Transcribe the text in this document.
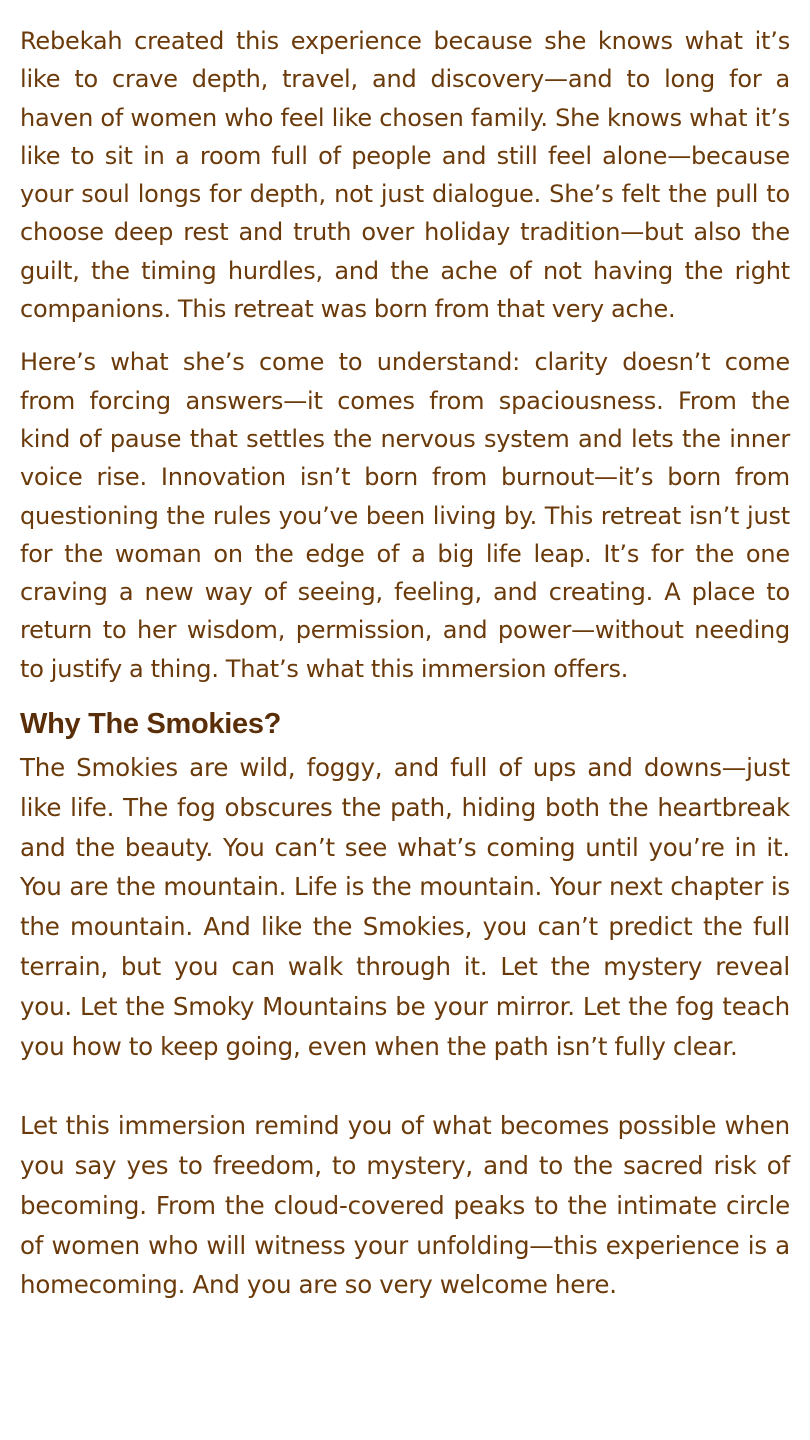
Rebekah created this experience because she knows what it’s like to crave depth, travel, and discovery—and to long for a haven of women who feel like chosen family. She knows what it’s like to sit in a room full of people and still feel alone—because your soul longs for depth, not just dialogue. She’s felt the pull to choose deep rest and truth over holiday tradition—but also the guilt, the timing hurdles, and the ache of not having the right companions. This retreat was born from that very ache.

Here’s what she’s come to understand: clarity doesn’t come from forcing answers—it comes from spaciousness. From the kind of pause that settles the nervous system and lets the inner voice rise. Innovation isn’t born from burnout—it’s born from questioning the rules you’ve been living by. This retreat isn’t just for the woman on the edge of a big life leap. It’s for the one craving a new way of seeing, feeling, and creating. A place to return to her wisdom, permission, and power—without needing to justify a thing. That’s what this immersion offers.

Why The Smokies?

The Smokies are wild, foggy, and full of ups and downs—just like life. The fog obscures the path, hiding both the heartbreak and the beauty. You can’t see what’s coming until you’re in it. You are the mountain. Life is the mountain. Your next chapter is the mountain. And like the Smokies, you can’t predict the full terrain, but you can walk through it. Let the mystery reveal you. Let the Smoky Mountains be your mirror. Let the fog teach you how to keep going, even when the path isn’t fully clear.

Let this immersion remind you of what becomes possible when you say yes to freedom, to mystery, and to the sacred risk of becoming. From the cloud-covered peaks to the intimate circle of women who will witness your unfolding—this experience is a homecoming. And you are so very welcome here.
